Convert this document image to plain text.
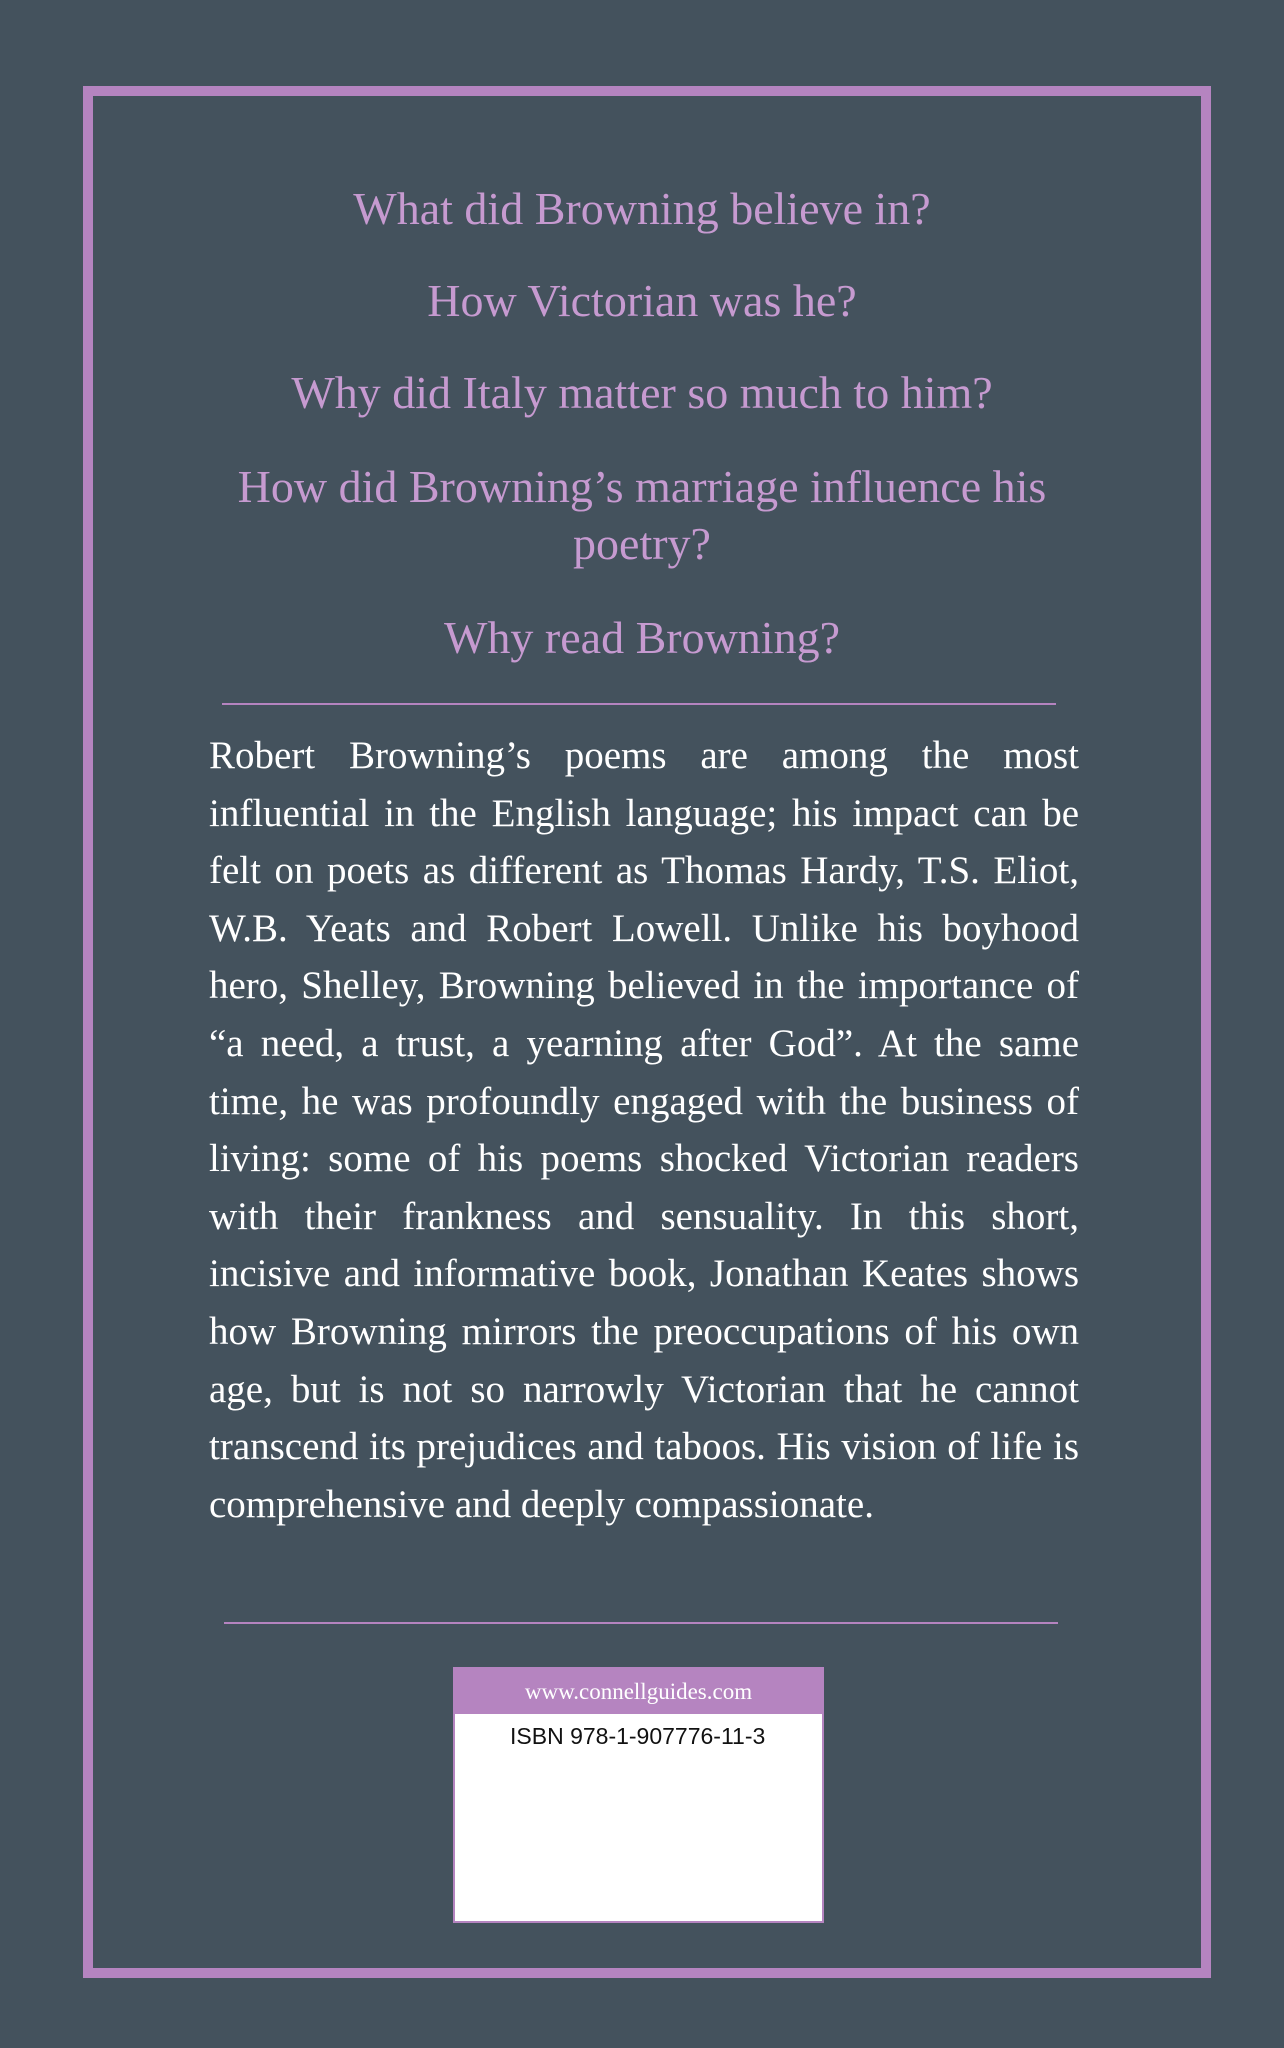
What did Browning believe in?

How Victorian was he?

Why did Italy matter so much to him?

How did Browning’s marriage influence his poetry?

Why read Browning?

Robert Browning’s poems are among the most influential in the English language; his impact can be felt on poets as different as Thomas Hardy, T.S. Eliot, W.B. Yeats and Robert Lowell. Unlike his boyhood hero, Shelley, Browning believed in the importance of “a need, a trust, a yearning after God”. At the same time, he was profoundly engaged with the business of living: some of his poems shocked Victorian readers with their frankness and sensuality. In this short, incisive and informative book, Jonathan Keates shows how Browning mirrors the preoccupations of his own age, but is not so narrowly Victorian that he cannot transcend its prejudices and taboos. His vision of life is comprehensive and deeply compassionate.

www.connellguides.com
ISBN 978-1-907776-11-3
